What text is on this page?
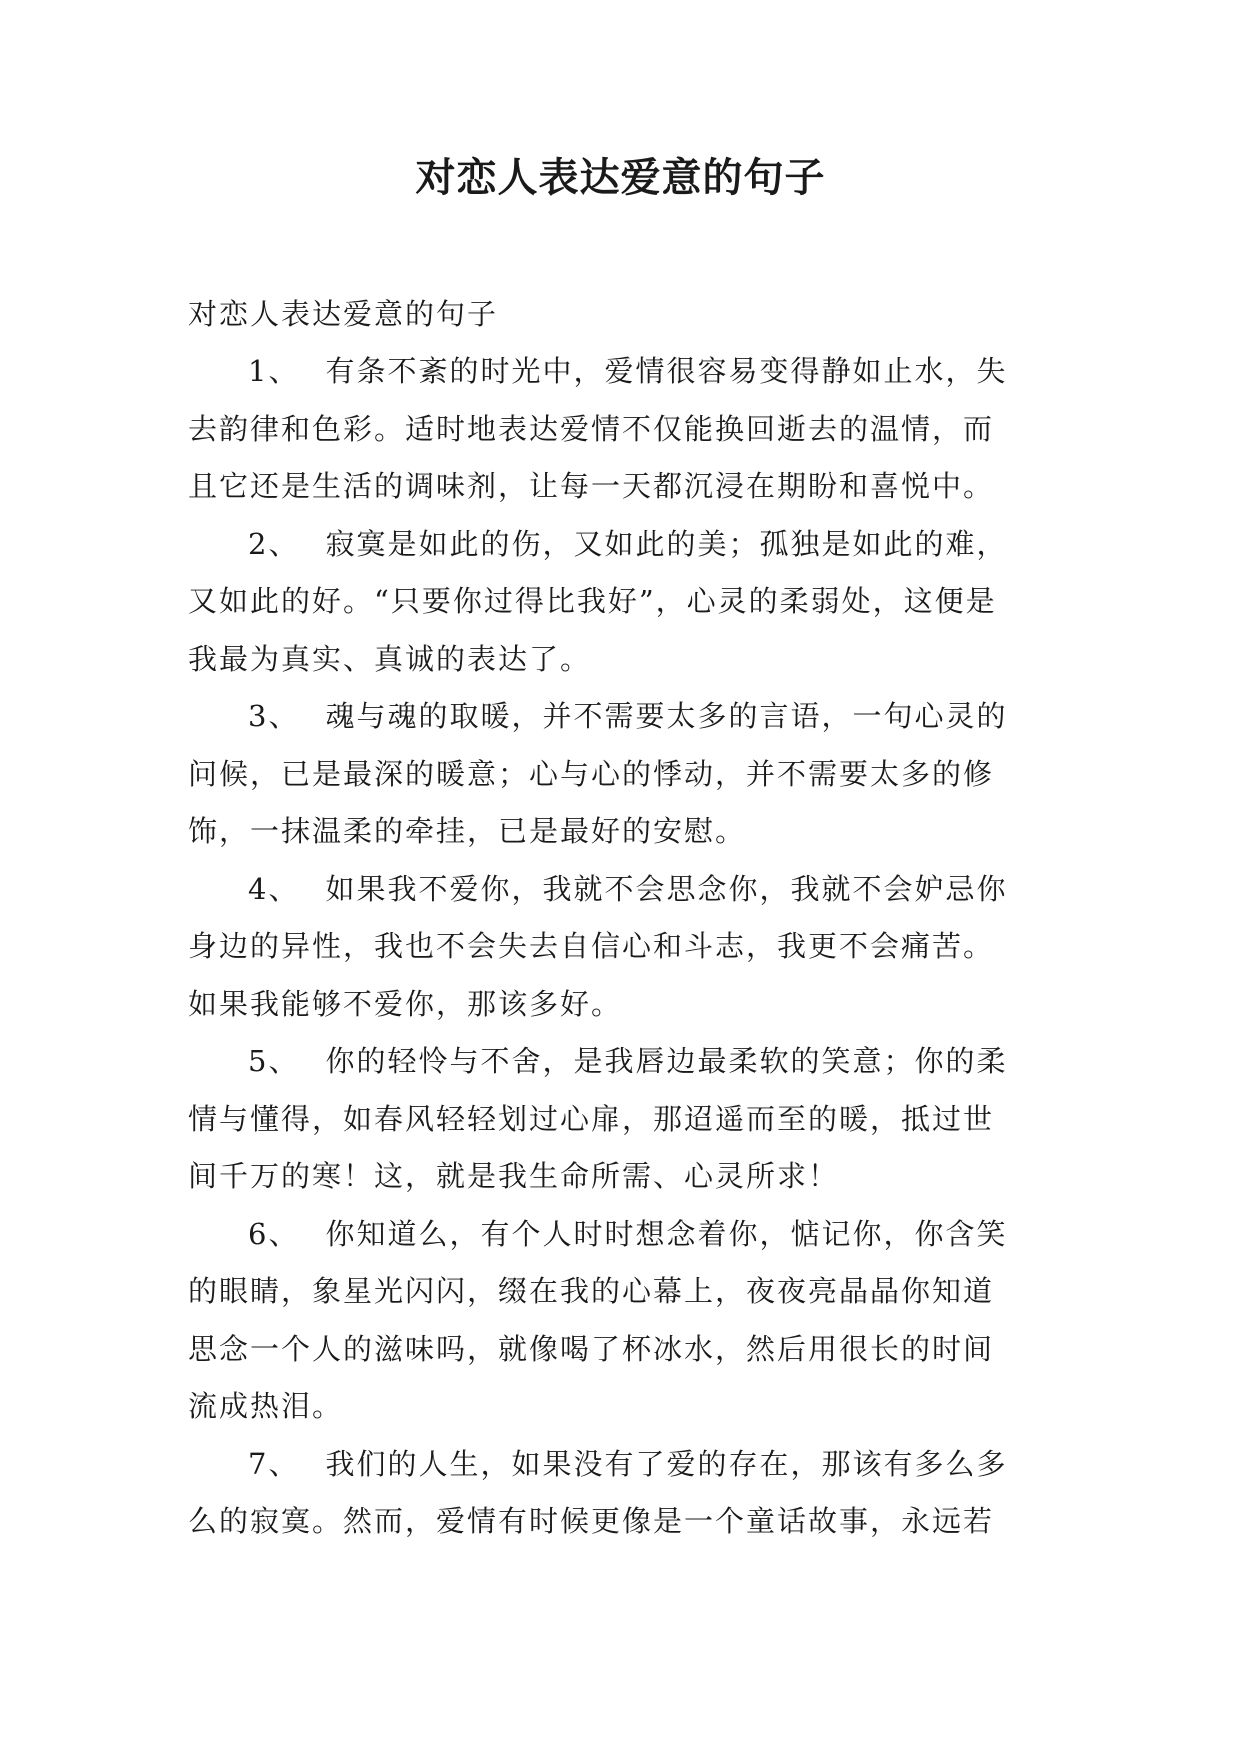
对恋人表达爱意的句子

对恋人表达爱意的句子

1、 有条不紊的时光中，爱情很容易变得静如止水，失
去韵律和色彩。适时地表达爱情不仅能换回逝去的温情，而
且它还是生活的调味剂，让每一天都沉浸在期盼和喜悦中。

2、 寂寞是如此的伤，又如此的美；孤独是如此的难，
又如此的好。“只要你过得比我好”，心灵的柔弱处，这便是
我最为真实、真诚的表达了。

3、 魂与魂的取暖，并不需要太多的言语，一句心灵的
问候，已是最深的暖意；心与心的悸动，并不需要太多的修
饰，一抹温柔的牵挂，已是最好的安慰。

4、 如果我不爱你，我就不会思念你，我就不会妒忌你
身边的异性，我也不会失去自信心和斗志，我更不会痛苦。
如果我能够不爱你，那该多好。

5、 你的轻怜与不舍，是我唇边最柔软的笑意；你的柔
情与懂得，如春风轻轻划过心扉，那迢遥而至的暖，抵过世
间千万的寒！这，就是我生命所需、心灵所求！

6、 你知道么，有个人时时想念着你，惦记你，你含笑
的眼睛，象星光闪闪，缀在我的心幕上，夜夜亮晶晶你知道
思念一个人的滋味吗，就像喝了杯冰水，然后用很长的时间
流成热泪。

7、 我们的人生，如果没有了爱的存在，那该有多么多
么的寂寞。然而，爱情有时候更像是一个童话故事，永远若
